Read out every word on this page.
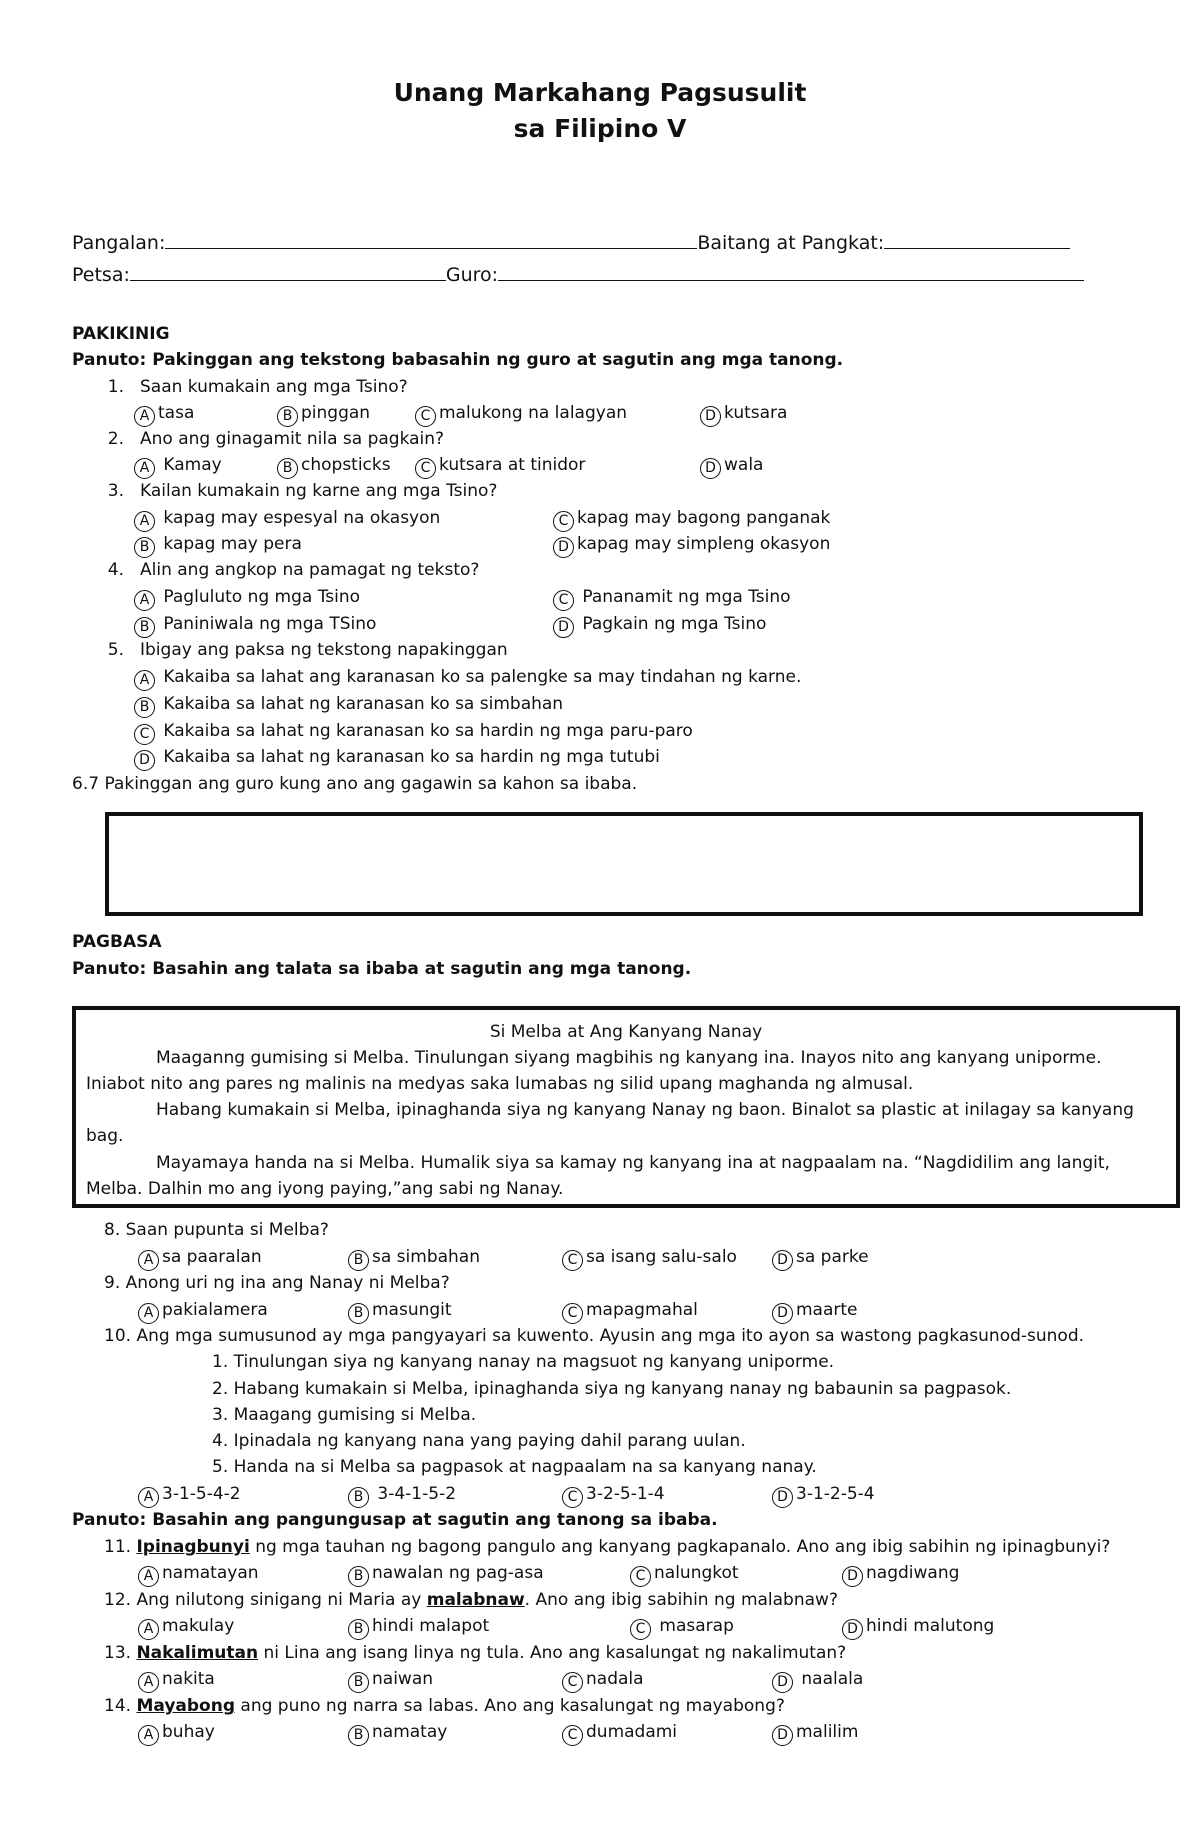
Unang Markahang Pagsusulit
sa Filipino V
Pangalan:	Baitang at Pangkat:
Petsa:	Guro:
PAKIKINIG
Panuto: Pakinggan ang tekstong babasahin ng guro at sagutin ang mga tanong.
1. Saan kumakain ang mga Tsino?
A tasa	B pinggan	C malukong na lalagyan	D kutsara
2. Ano ang ginagamit nila sa pagkain?
A Kamay	B chopsticks	C kutsara at tinidor	D wala
3. Kailan kumakain ng karne ang mga Tsino?
A kapag may espesyal na okasyon	C kapag may bagong panganak
B kapag may pera	D kapag may simpleng okasyon
4. Alin ang angkop na pamagat ng teksto?
A Pagluluto ng mga Tsino	C Pananamit ng mga Tsino
B Paniniwala ng mga TSino	D Pagkain ng mga Tsino
5. Ibigay ang paksa ng tekstong napakinggan
A Kakaiba sa lahat ang karanasan ko sa palengke sa may tindahan ng karne.
B Kakaiba sa lahat ng karanasan ko sa simbahan
C Kakaiba sa lahat ng karanasan ko sa hardin ng mga paru-paro
D Kakaiba sa lahat ng karanasan ko sa hardin ng mga tutubi
6.7 Pakinggan ang guro kung ano ang gagawin sa kahon sa ibaba.
PAGBASA
Panuto: Basahin ang talata sa ibaba at sagutin ang mga tanong.
Si Melba at Ang Kanyang Nanay
Maaganng gumising si Melba. Tinulungan siyang magbihis ng kanyang ina. Inayos nito ang kanyang uniporme.
Iniabot nito ang pares ng malinis na medyas saka lumabas ng silid upang maghanda ng almusal.
Habang kumakain si Melba, ipinaghanda siya ng kanyang Nanay ng baon. Binalot sa plastic at inilagay sa kanyang
bag.
Mayamaya handa na si Melba. Humalik siya sa kamay ng kanyang ina at nagpaalam na. “Nagdidilim ang langit,
Melba. Dalhin mo ang iyong paying,”ang sabi ng Nanay.
8. Saan pupunta si Melba?
A sa paaralan	B sa simbahan	C sa isang salu-salo	D sa parke
9. Anong uri ng ina ang Nanay ni Melba?
A pakialamera	B masungit	C mapagmahal	D maarte
10. Ang mga sumusunod ay mga pangyayari sa kuwento. Ayusin ang mga ito ayon sa wastong pagkasunod-sunod.
1. Tinulungan siya ng kanyang nanay na magsuot ng kanyang uniporme.
2. Habang kumakain si Melba, ipinaghanda siya ng kanyang nanay ng babaunin sa pagpasok.
3. Maagang gumising si Melba.
4. Ipinadala ng kanyang nana yang paying dahil parang uulan.
5. Handa na si Melba sa pagpasok at nagpaalam na sa kanyang nanay.
A 3-1-5-4-2	B 3-4-1-5-2	C 3-2-5-1-4	D 3-1-2-5-4
Panuto: Basahin ang pangungusap at sagutin ang tanong sa ibaba.
11. Ipinagbunyi ng mga tauhan ng bagong pangulo ang kanyang pagkapanalo. Ano ang ibig sabihin ng ipinagbunyi?
A namatayan	B nawalan ng pag-asa	C nalungkot	D nagdiwang
12. Ang nilutong sinigang ni Maria ay malabnaw. Ano ang ibig sabihin ng malabnaw?
A makulay	B hindi malapot	C masarap	D hindi malutong
13. Nakalimutan ni Lina ang isang linya ng tula. Ano ang kasalungat ng nakalimutan?
A nakita	B naiwan	C nadala	D naalala
14. Mayabong ang puno ng narra sa labas. Ano ang kasalungat ng mayabong?
A buhay	B namatay	C dumadami	D malilim
